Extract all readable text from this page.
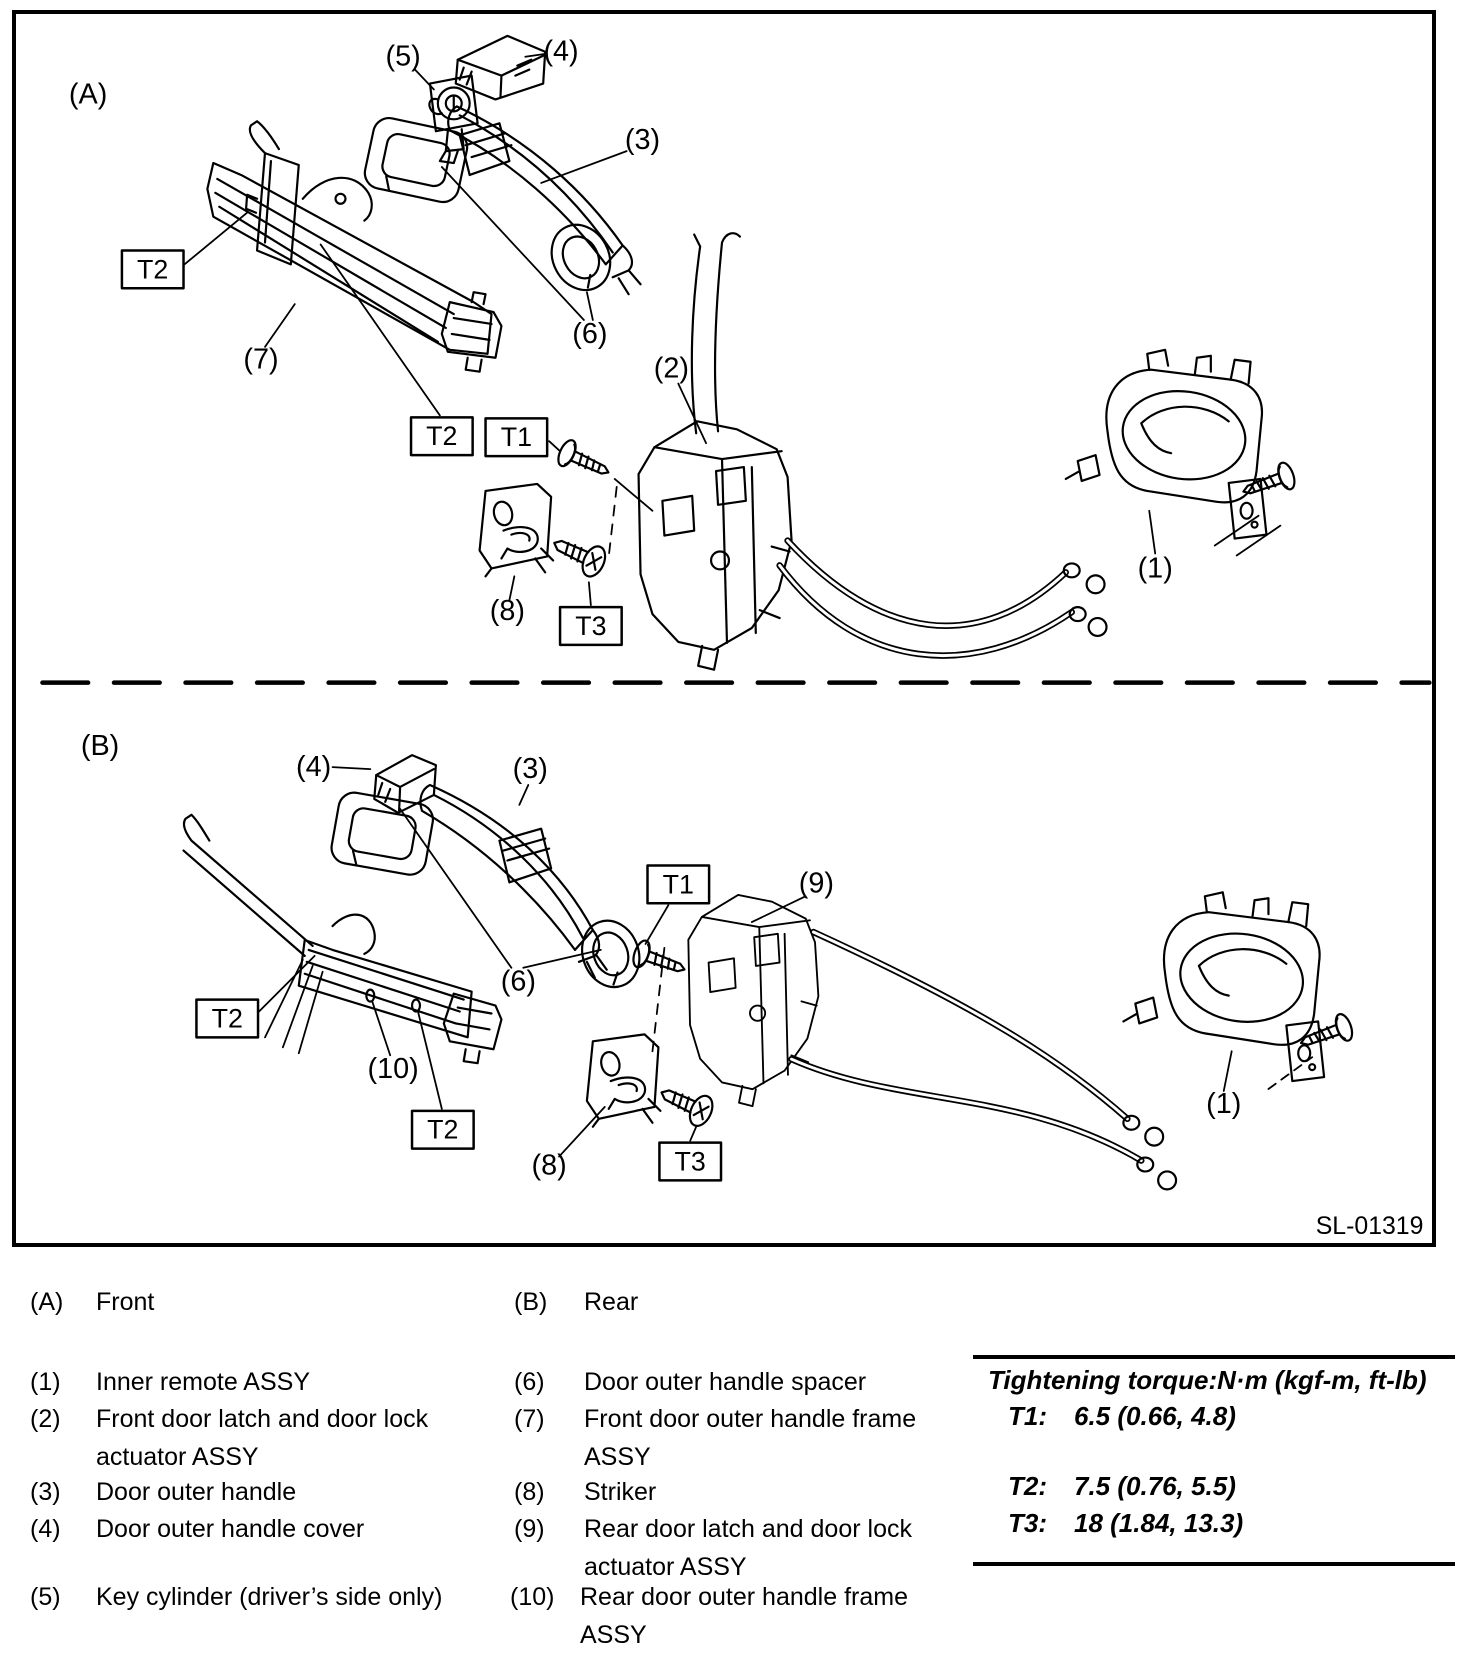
(A)
(5)	(4)
(3)
(6)
(7)
T2
T2 T1
(8) T3
(2)
(1)
(B)
(4)	(3)
(6)
(10)
T2
T2
T1	(9)
(8)	T3
(1)
SL-01319
(A)	Front	(B)	Rear
(1)	Inner remote ASSY
(2)	Front door latch and door lock actuator ASSY
(3)	Door outer handle
(4)	Door outer handle cover
(5)	Key cylinder (driver’s side only)
(6)	Door outer handle spacer
(7)	Front door outer handle frame ASSY
(8)	Striker
(9)	Rear door latch and door lock actuator ASSY
(10)	Rear door outer handle frame ASSY
Tightening torque:N·m (kgf-m, ft-lb)
T1:	6.5 (0.66, 4.8)
T2:	7.5 (0.76, 5.5)
T3:	18 (1.84, 13.3)
